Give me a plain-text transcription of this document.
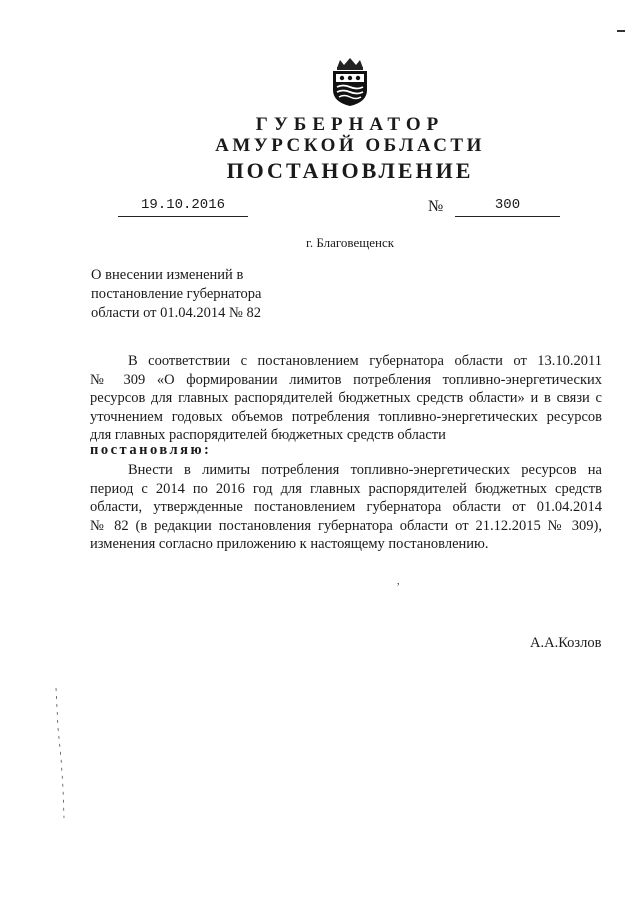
ГУБЕРНАТОР
АМУРСКОЙ ОБЛАСТИ
ПОСТАНОВЛЕНИЕ
19.10.2016	№	300
г. Благовещенск
О внесении изменений в
постановление губернатора
области от 01.04.2014 № 82
В соответствии с постановлением губернатора области от 13.10.2011
№ 309 «О формировании лимитов потребления топливно-энергетических
ресурсов для главных распорядителей бюджетных средств области» и в связи с
уточнением годовых объемов потребления топливно-энергетических ресурсов
для главных распорядителей бюджетных средств области
постановляю:
Внести в лимиты потребления топливно-энергетических ресурсов на
период с 2014 по 2016 год для главных распорядителей бюджетных средств
области, утвержденные постановлением губернатора области от 01.04.2014
№ 82 (в редакции постановления губернатора области от 21.12.2015 № 309),
изменения согласно приложению к настоящему постановлению.
,
А.А.Козлов
